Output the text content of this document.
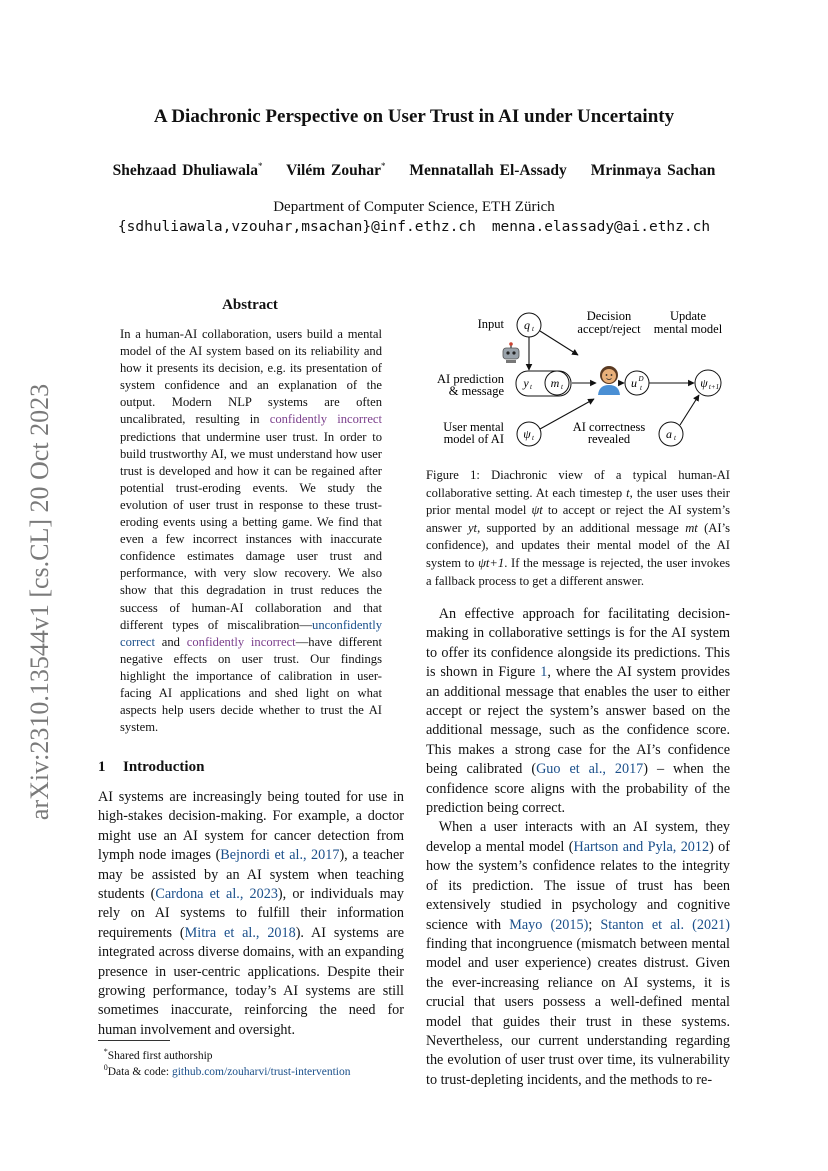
A Diachronic Perspective on User Trust in AI under Uncertainty
Shehzaad Dhuliawala* Vilém Zouhar* Mennatallah El-Assady Mrinmaya Sachan
Department of Computer Science, ETH Zürich
{sdhuliawala,vzouhar,msachan}@inf.ethz.ch menna.elassady@ai.ethz.ch
arXiv:2310.13544v1 [cs.CL] 20 Oct 2023
Abstract
In a human-AI collaboration, users build a mental model of the AI system based on its reliability and how it presents its decision, e.g. its presentation of system confidence and an explanation of the output. Modern NLP systems are often uncalibrated, resulting in confidently incorrect predictions that undermine user trust. In order to build trustworthy AI, we must understand how user trust is developed and how it can be regained after potential trust-eroding events. We study the evolution of user trust in response to these trust-eroding events using a betting game. We find that even a few incorrect instances with inaccurate confidence estimates damage user trust and performance, with very slow recovery. We also show that this degradation in trust reduces the success of human-AI collaboration and that different types of miscalibration—unconfidently correct and confidently incorrect—have different negative effects on user trust. Our findings highlight the importance of calibration in user-facing AI applications and shed light on what aspects help users decide whether to trust the AI system.
1 Introduction

AI systems are increasingly being touted for use in high-stakes decision-making. For example, a doctor might use an AI system for cancer detection from lymph node images (Bejnordi et al., 2017), a teacher may be assisted by an AI system when teaching students (Cardona et al., 2023), or individuals may rely on AI systems to fulfill their information requirements (Mitra et al., 2018). AI systems are integrated across diverse domains, with an expanding presence in user-centric applications. Despite their growing performance, today’s AI systems are still sometimes inaccurate, reinforcing the need for human involvement and oversight.

 *Shared first authorship
 $^0$Data & code: github.com/zouharvi/trust-intervention
Input
AI prediction
& message
User mental
model of AI
Decision
accept/reject
Update
mental model
AI correctness
revealed
q t
y t m t
ψ t
u D
t	ψ t+1
a t
Figure 1: Diachronic view of a typical human-AI collaborative setting. At each timestep t, the user uses their prior mental model ψt to accept or reject the AI system’s answer yt, supported by an additional message mt (AI’s confidence), and updates their mental model of the AI system to ψt+1. If the message is rejected, the user invokes a fallback process to get a different answer.

An effective approach for facilitating decision-making in collaborative settings is for the AI system to offer its confidence alongside its predictions. This is shown in Figure 1, where the AI system provides an additional message that enables the user to either accept or reject the system’s answer based on the additional message, such as the confidence score. This makes a strong case for the AI’s confidence being calibrated (Guo et al., 2017) – when the confidence score aligns with the probability of the prediction being correct.

When a user interacts with an AI system, they develop a mental model (Hartson and Pyla, 2012) of how the system’s confidence relates to the integrity of its prediction. The issue of trust has been extensively studied in psychology and cognitive science with Mayo (2015); Stanton et al. (2021) finding that incongruence (mismatch between mental model and user experience) creates distrust. Given the ever-increasing reliance on AI systems, it is crucial that users possess a well-defined mental model that guides their trust in these systems. Nevertheless, our current understanding regarding the evolution of user trust over time, its vulnerability to trust-depleting incidents, and the methods to re-
